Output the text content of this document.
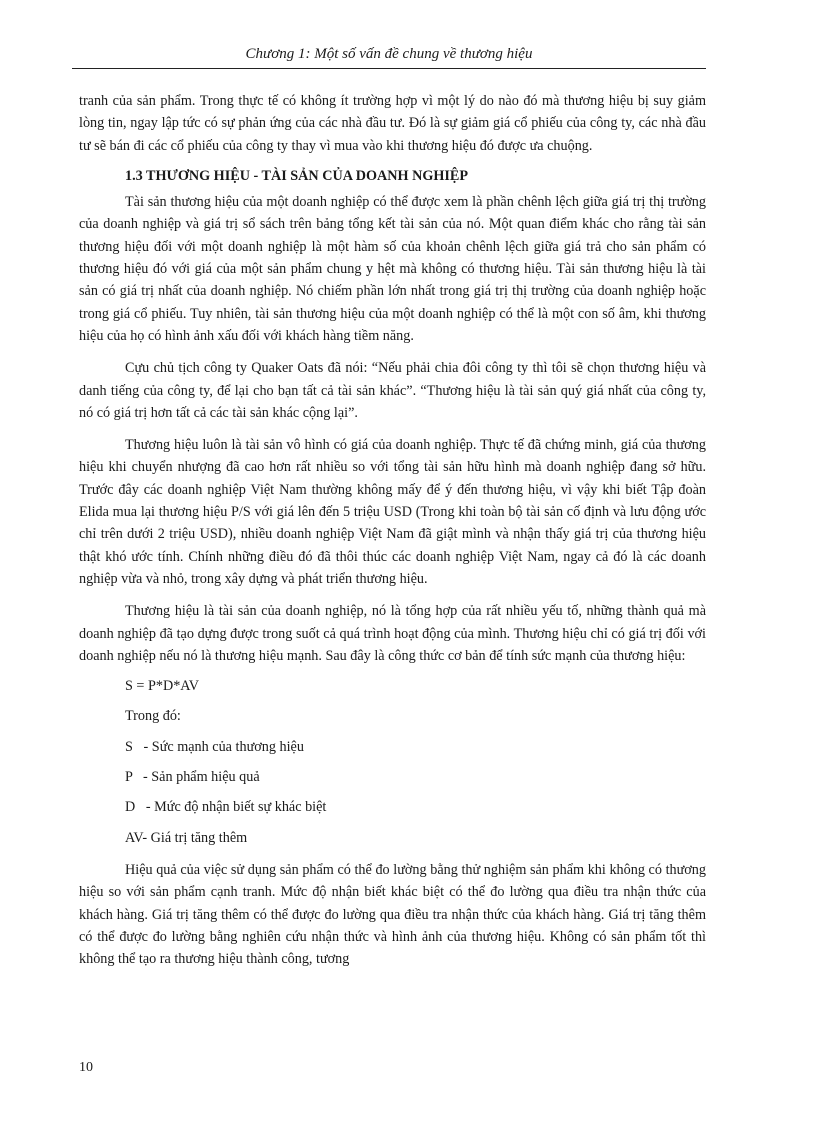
Chương 1: Một số vấn đề chung về thương hiệu

tranh của sản phẩm. Trong thực tế có không ít trường hợp vì một lý do nào đó mà thương hiệu bị suy giảm lòng tin, ngay lập tức có sự phản ứng của các nhà đầu tư. Đó là sự giảm giá cổ phiếu của công ty, các nhà đầu tư sẽ bán đi các cổ phiếu của công ty thay vì mua vào khi thương hiệu đó được ưa chuộng.

1.3 THƯƠNG HIỆU - TÀI SẢN CỦA DOANH NGHIỆP

Tài sản thương hiệu của một doanh nghiệp có thể được xem là phần chênh lệch giữa giá trị thị trường của doanh nghiệp và giá trị sổ sách trên bảng tổng kết tài sản của nó. Một quan điểm khác cho rằng tài sản thương hiệu đối với một doanh nghiệp là một hàm số của khoản chênh lệch giữa giá trả cho sản phẩm có thương hiệu đó với giá của một sản phẩm chung y hệt mà không có thương hiệu. Tài sản thương hiệu là tài sản có giá trị nhất của doanh nghiệp. Nó chiếm phần lớn nhất trong giá trị thị trường của doanh nghiệp hoặc trong giá cổ phiếu. Tuy nhiên, tài sản thương hiệu của một doanh nghiệp có thể là một con số âm, khi thương hiệu của họ có hình ảnh xấu đối với khách hàng tiềm năng.

Cựu chủ tịch công ty Quaker Oats đã nói: “Nếu phải chia đôi công ty thì tôi sẽ chọn thương hiệu và danh tiếng của công ty, để lại cho bạn tất cả tài sản khác”. “Thương hiệu là tài sản quý giá nhất của công ty, nó có giá trị hơn tất cả các tài sản khác cộng lại”.

Thương hiệu luôn là tài sản vô hình có giá của doanh nghiệp. Thực tế đã chứng minh, giá của thương hiệu khi chuyển nhượng đã cao hơn rất nhiều so với tổng tài sản hữu hình mà doanh nghiệp đang sở hữu. Trước đây các doanh nghiệp Việt Nam thường không mấy để ý đến thương hiệu, vì vậy khi biết Tập đoàn Elida mua lại thương hiệu P/S với giá lên đến 5 triệu USD (Trong khi toàn bộ tài sản cố định và lưu động ước chỉ trên dưới 2 triệu USD), nhiều doanh nghiệp Việt Nam đã giật mình và nhận thấy giá trị của thương hiệu thật khó ước tính. Chính những điều đó đã thôi thúc các doanh nghiệp Việt Nam, ngay cả đó là các doanh nghiệp vừa và nhỏ, trong xây dựng và phát triển thương hiệu.

Thương hiệu là tài sản của doanh nghiệp, nó là tổng hợp của rất nhiều yếu tố, những thành quả mà doanh nghiệp đã tạo dựng được trong suốt cả quá trình hoạt động của mình. Thương hiệu chỉ có giá trị đối với doanh nghiệp nếu nó là thương hiệu mạnh. Sau đây là công thức cơ bản để tính sức mạnh của thương hiệu:

S = P*D*AV

Trong đó:

S   - Sức mạnh của thương hiệu

P   - Sản phẩm hiệu quả

D   - Mức độ nhận biết sự khác biệt

AV- Giá trị tăng thêm

Hiệu quả của việc sử dụng sản phẩm có thể đo lường bằng thử nghiệm sản phẩm khi không có thương hiệu so với sản phẩm cạnh tranh. Mức độ nhận biết khác biệt có thể đo lường qua điều tra nhận thức của khách hàng. Giá trị tăng thêm có thể được đo lường qua điều tra nhận thức của khách hàng. Giá trị tăng thêm có thể được đo lường bằng nghiên cứu nhận thức và hình ảnh của thương hiệu. Không có sản phẩm tốt thì không thể tạo ra thương hiệu thành công, tương

10
